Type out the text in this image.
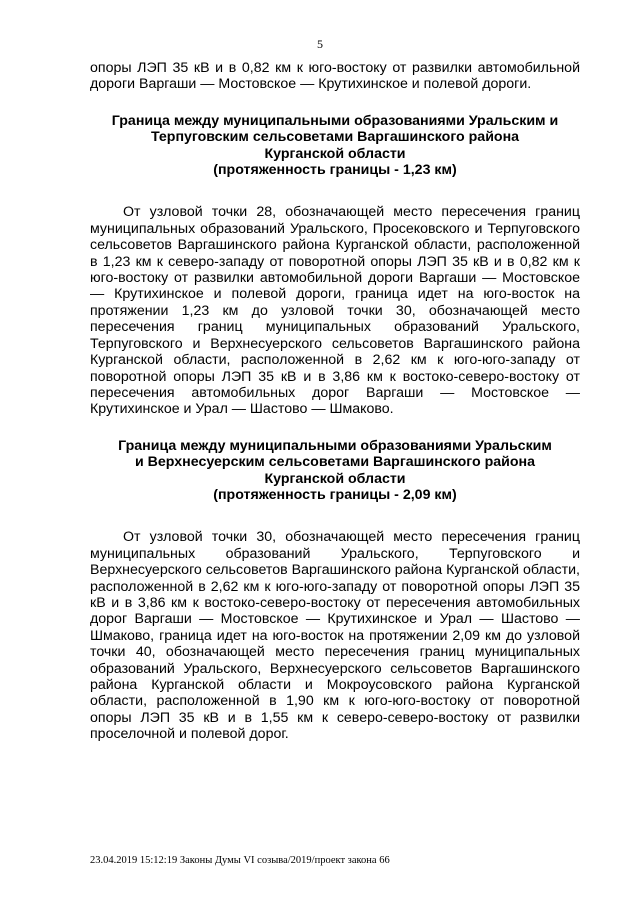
5

опоры ЛЭП 35 кВ и в 0,82 км к юго-востоку от развилки автомобильной дороги Варгаши — Мостовское — Крутихинское и полевой дороги.

Граница между муниципальными образованиями Уральским и
Терпуговским сельсоветами Варгашинского района
Курганской области
(протяженность границы - 1,23 км)

От узловой точки 28, обозначающей место пересечения границ муниципальных образований Уральского, Просековского и Терпуговского сельсоветов Варгашинского района Курганской области, расположенной в 1,23 км к северо-западу от поворотной опоры ЛЭП 35 кВ и в 0,82 км к юго-востоку от развилки автомобильной дороги Варгаши — Мостовское — Крутихинское и полевой дороги, граница идет на юго-восток на протяжении 1,23 км до узловой точки 30, обозначающей место пересечения границ муниципальных образований Уральского, Терпуговского и Верхнесуерского сельсоветов Варгашинского района Курганской области, расположенной в 2,62 км к юго-юго-западу от поворотной опоры ЛЭП 35 кВ и в 3,86 км к востоко-северо-востоку от пересечения автомобильных дорог Варгаши — Мостовское — Крутихинское и Урал — Шастово — Шмаково.

Граница между муниципальными образованиями Уральским
и Верхнесуерским сельсоветами Варгашинского района
Курганской области
(протяженность границы - 2,09 км)

От узловой точки 30, обозначающей место пересечения границ муниципальных образований Уральского, Терпуговского и Верхнесуерского сельсоветов Варгашинского района Курганской области, расположенной в 2,62 км к юго-юго-западу от поворотной опоры ЛЭП 35 кВ и в 3,86 км к востоко-северо-востоку от пересечения автомобильных дорог Варгаши — Мостовское — Крутихинское и Урал — Шастово — Шмаково, граница идет на юго-восток на протяжении 2,09 км до узловой точки 40, обозначающей место пересечения границ муниципальных образований Уральского, Верхнесуерского сельсоветов Варгашинского района Курганской области и Мокроусовского района Курганской области, расположенной в 1,90 км к юго-юго-востоку от поворотной опоры ЛЭП 35 кВ и в 1,55 км к северо-северо-востоку от развилки проселочной и полевой дорог.

23.04.2019 15:12:19 Законы Думы VI созыва/2019/проект закона 66
